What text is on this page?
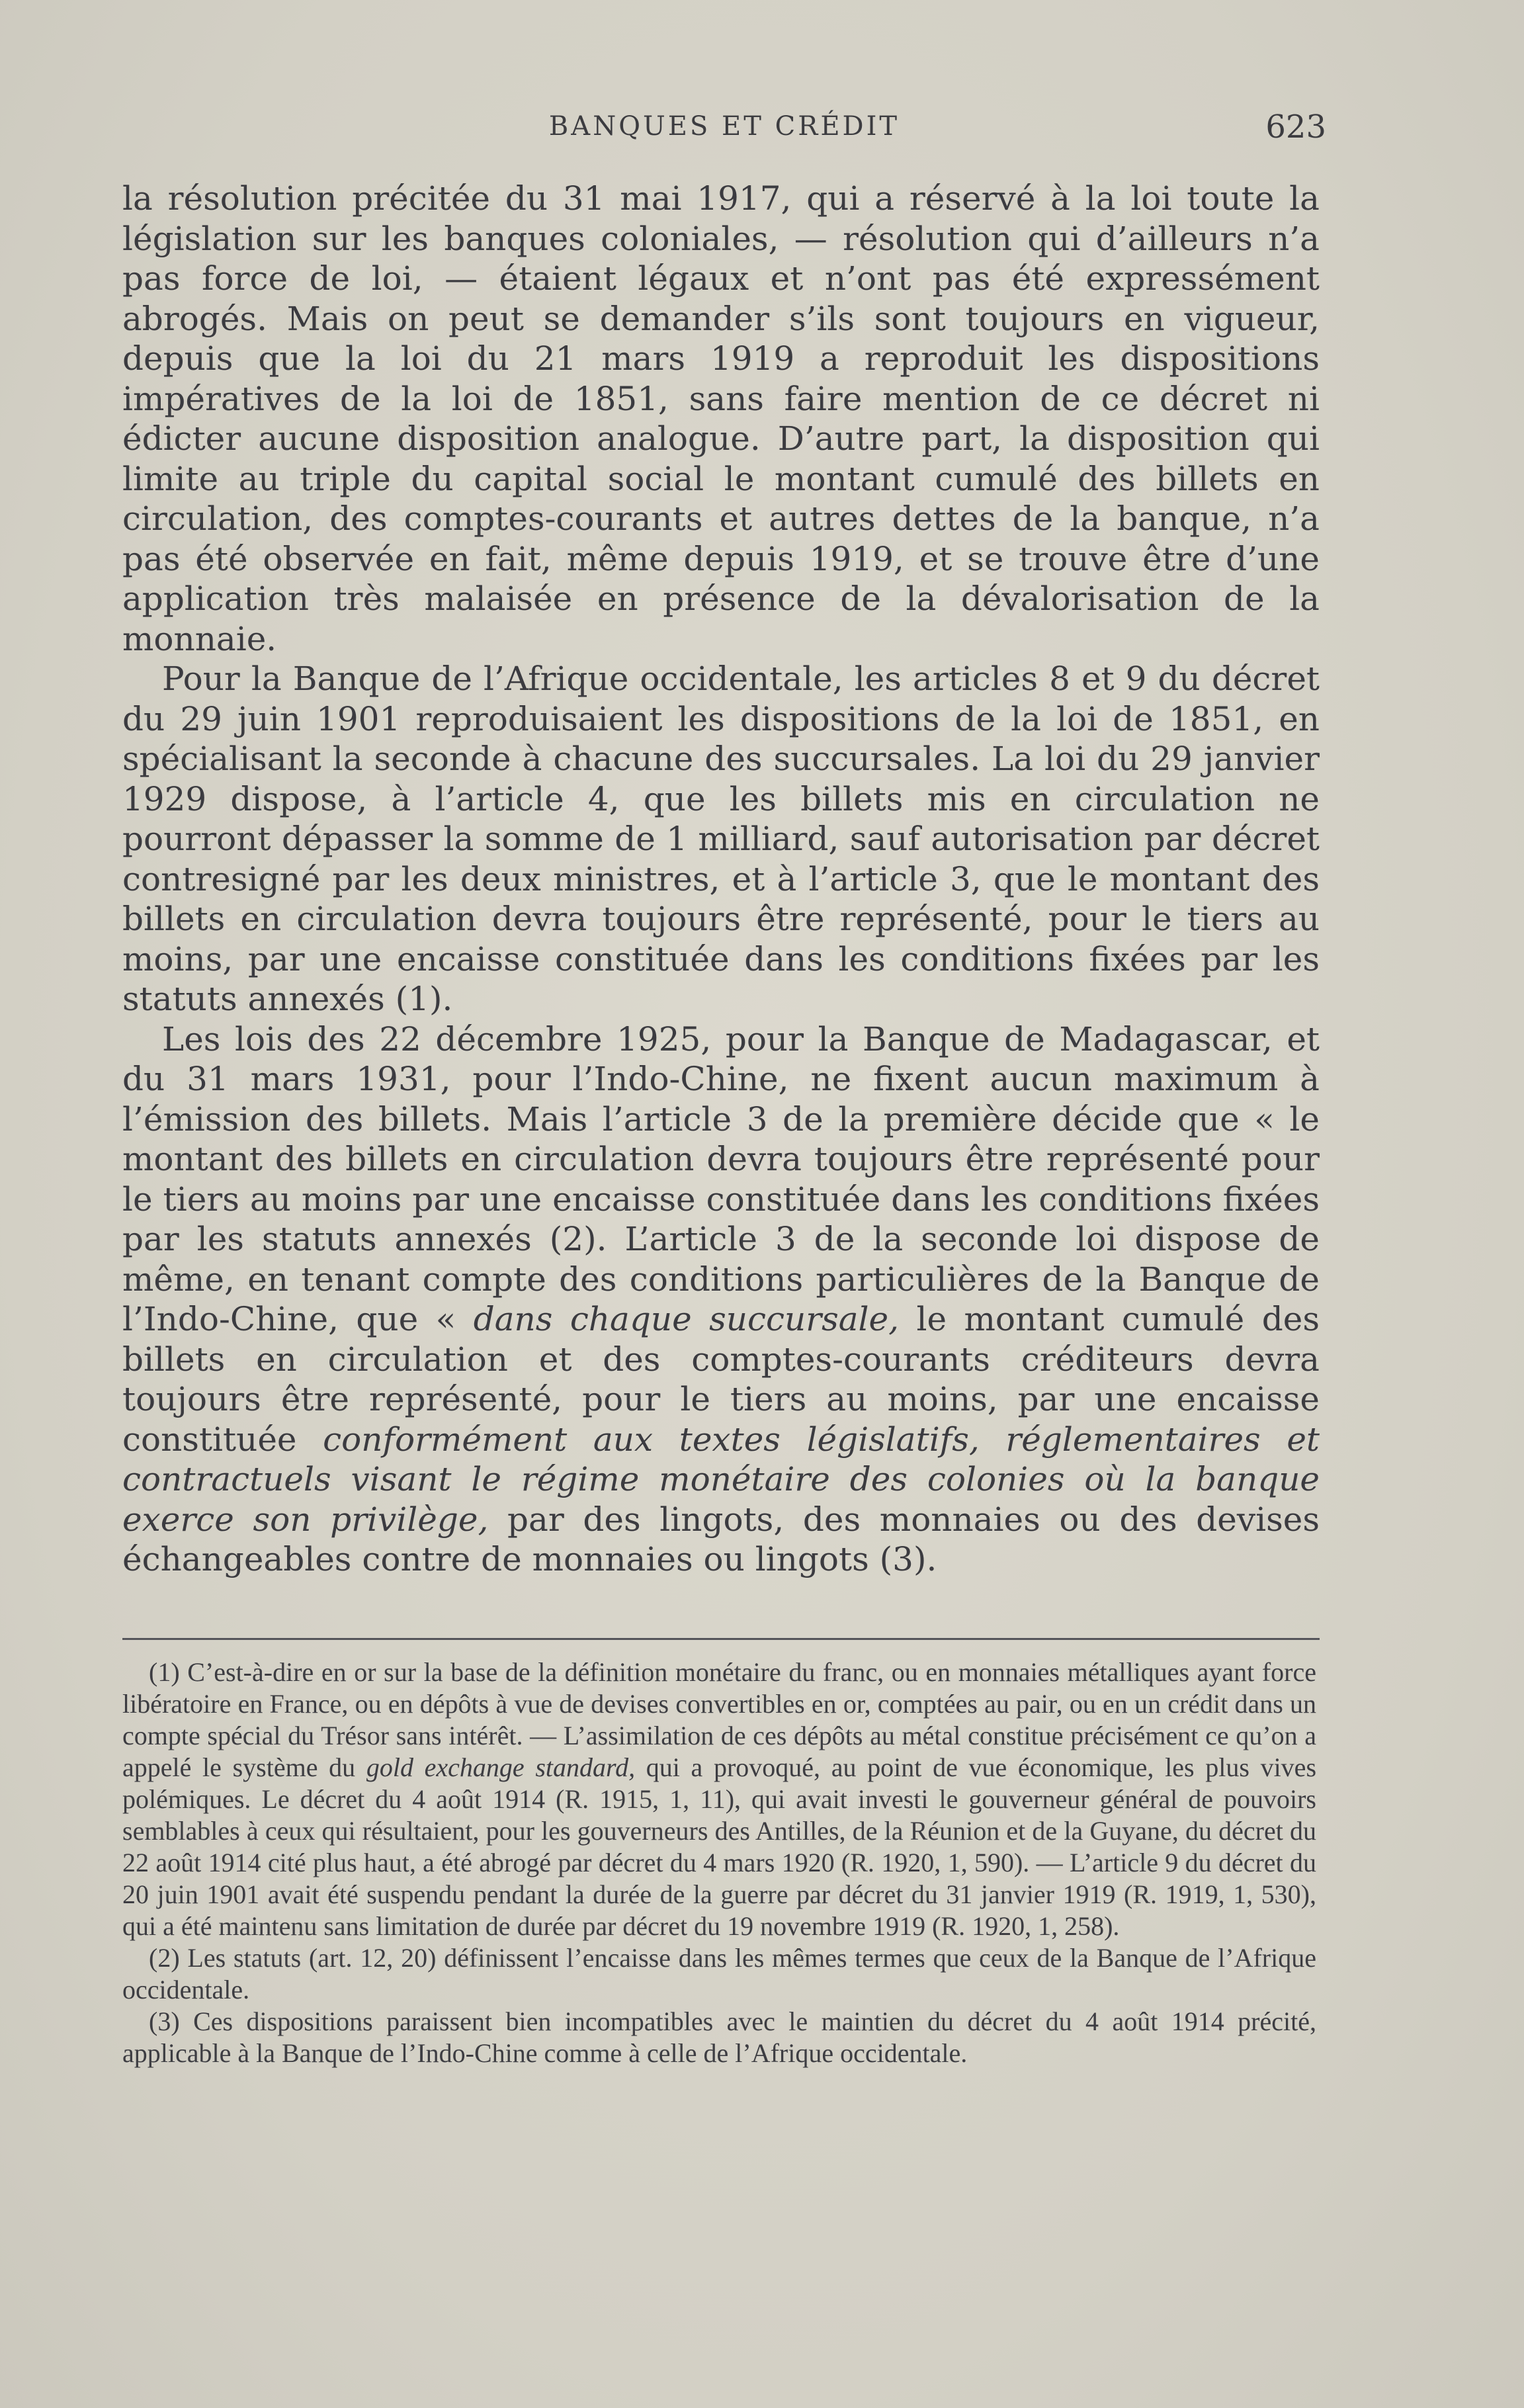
BANQUES ET CRÉDIT	623

la résolution précitée du 31 mai 1917, qui a réservé à la loi toute la législation sur les banques coloniales, — résolution qui d’ailleurs n’a pas force de loi, — étaient légaux et n’ont pas été expressément abrogés. Mais on peut se demander s’ils sont toujours en vigueur, depuis que la loi du 21 mars 1919 a reproduit les dispositions impératives de la loi de 1851, sans faire mention de ce décret ni édicter aucune disposition analogue. D’autre part, la disposition qui limite au triple du capital social le montant cumulé des billets en circulation, des comptes-courants et autres dettes de la banque, n’a pas été observée en fait, même depuis 1919, et se trouve être d’une application très malaisée en présence de la dévalorisation de la monnaie.

Pour la Banque de l’Afrique occidentale, les articles 8 et 9 du décret du 29 juin 1901 reproduisaient les dispositions de la loi de 1851, en spécialisant la seconde à chacune des succursales. La loi du 29 janvier 1929 dispose, à l’article 4, que les billets mis en circulation ne pourront dépasser la somme de 1 milliard, sauf autorisation par décret contresigné par les deux ministres, et à l’article 3, que le montant des billets en circulation devra toujours être représenté, pour le tiers au moins, par une encaisse constituée dans les conditions fixées par les statuts annexés (1).

Les lois des 22 décembre 1925, pour la Banque de Madagascar, et du 31 mars 1931, pour l’Indo-Chine, ne fixent aucun maximum à l’émission des billets. Mais l’article 3 de la première décide que « le montant des billets en circulation devra toujours être représenté pour le tiers au moins par une encaisse constituée dans les conditions fixées par les statuts annexés (2). L’article 3 de la seconde loi dispose de même, en tenant compte des conditions particulières de la Banque de l’Indo-Chine, que « dans chaque succursale, le montant cumulé des billets en circulation et des comptes-courants créditeurs devra toujours être représenté, pour le tiers au moins, par une encaisse constituée conformément aux textes législatifs, réglementaires et contractuels visant le régime monétaire des colonies où la banque exerce son privilège, par des lingots, des monnaies ou des devises échangeables contre de monnaies ou lingots (3).

(1) C’est-à-dire en or sur la base de la définition monétaire du franc, ou en monnaies métalliques ayant force libératoire en France, ou en dépôts à vue de devises convertibles en or, comptées au pair, ou en un crédit dans un compte spécial du Trésor sans intérêt. — L’assimilation de ces dépôts au métal constitue précisément ce qu’on a appelé le système du gold exchange standard, qui a provoqué, au point de vue économique, les plus vives polémiques. Le décret du 4 août 1914 (R. 1915, 1, 11), qui avait investi le gouverneur général de pouvoirs semblables à ceux qui résultaient, pour les gouverneurs des Antilles, de la Réunion et de la Guyane, du décret du 22 août 1914 cité plus haut, a été abrogé par décret du 4 mars 1920 (R. 1920, 1, 590). — L’article 9 du décret du 20 juin 1901 avait été suspendu pendant la durée de la guerre par décret du 31 janvier 1919 (R. 1919, 1, 530), qui a été maintenu sans limitation de durée par décret du 19 novembre 1919 (R. 1920, 1, 258).

(2) Les statuts (art. 12, 20) définissent l’encaisse dans les mêmes termes que ceux de la Banque de l’Afrique occidentale.

(3) Ces dispositions paraissent bien incompatibles avec le maintien du décret du 4 août 1914 précité, applicable à la Banque de l’Indo-Chine comme à celle de l’Afrique occidentale.
